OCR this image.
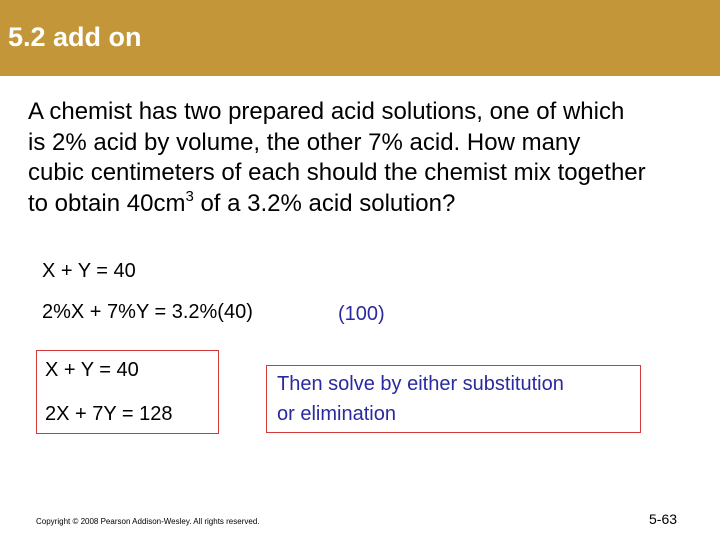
5.2 add on
A chemist has two prepared acid solutions, one of which
is 2% acid by volume, the other 7% acid. How many
cubic centimeters of each should the chemist mix together
to obtain $40cm^3$ of a 3.2% acid solution?
X + Y = 40
2%X + 7%Y = 3.2%(40)	(100)
X + Y = 40
2X + 7Y = 128
Then solve by either substitution
or elimination
Copyright © 2008 Pearson Addison-Wesley. All rights reserved.	5-63
